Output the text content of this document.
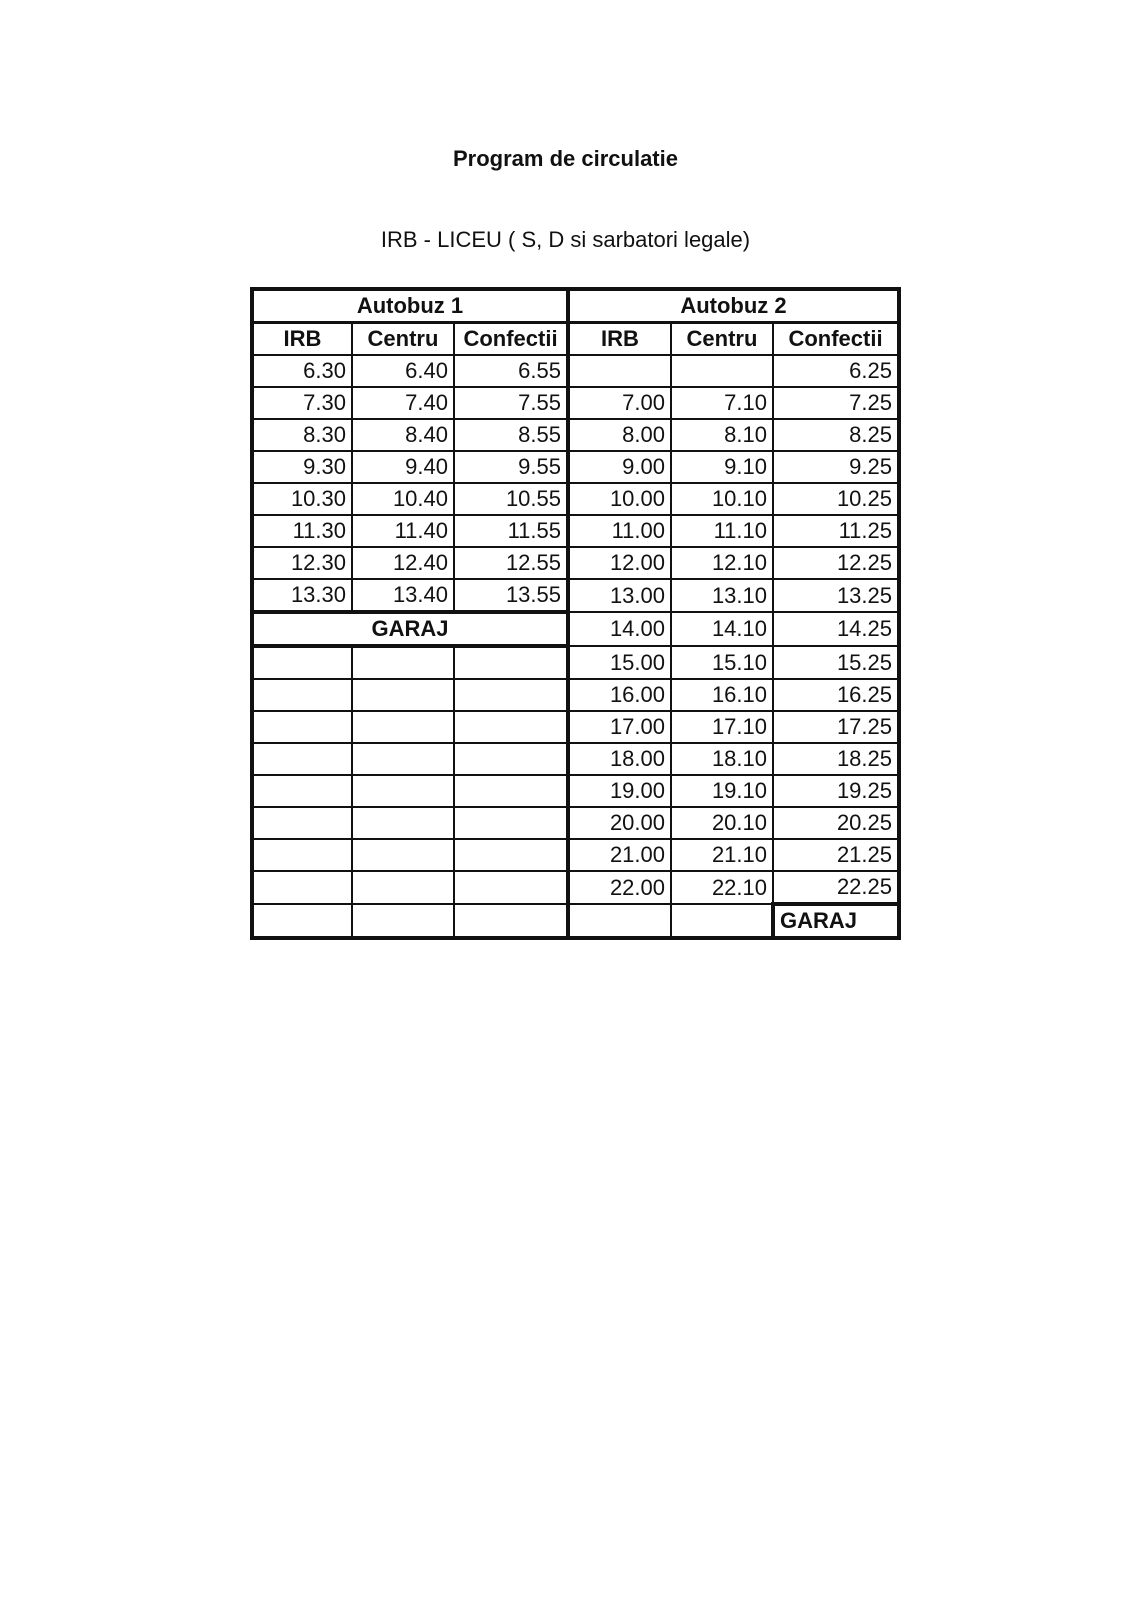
Program de circulatie
IRB - LICEU ( S, D si sarbatori legale)
Autobuz 1			Autobuz 2		
IRB	Centru	Confectii	IRB	Centru	Confectii
6.30	6.40	6.55			6.25
7.30	7.40	7.55	7.00	7.10	7.25
8.30	8.40	8.55	8.00	8.10	8.25
9.30	9.40	9.55	9.00	9.10	9.25
10.30	10.40	10.55	10.00	10.10	10.25
11.30	11.40	11.55	11.00	11.10	11.25
12.30	12.40	12.55	12.00	12.10	12.25
13.30	13.40	13.55	13.00	13.10	13.25
GARAJ			14.00	14.10	14.25
			15.00	15.10	15.25
			16.00	16.10	16.25
			17.00	17.10	17.25
			18.00	18.10	18.25
			19.00	19.10	19.25
			20.00	20.10	20.25
			21.00	21.10	21.25
			22.00	22.10	22.25
					GARAJ
